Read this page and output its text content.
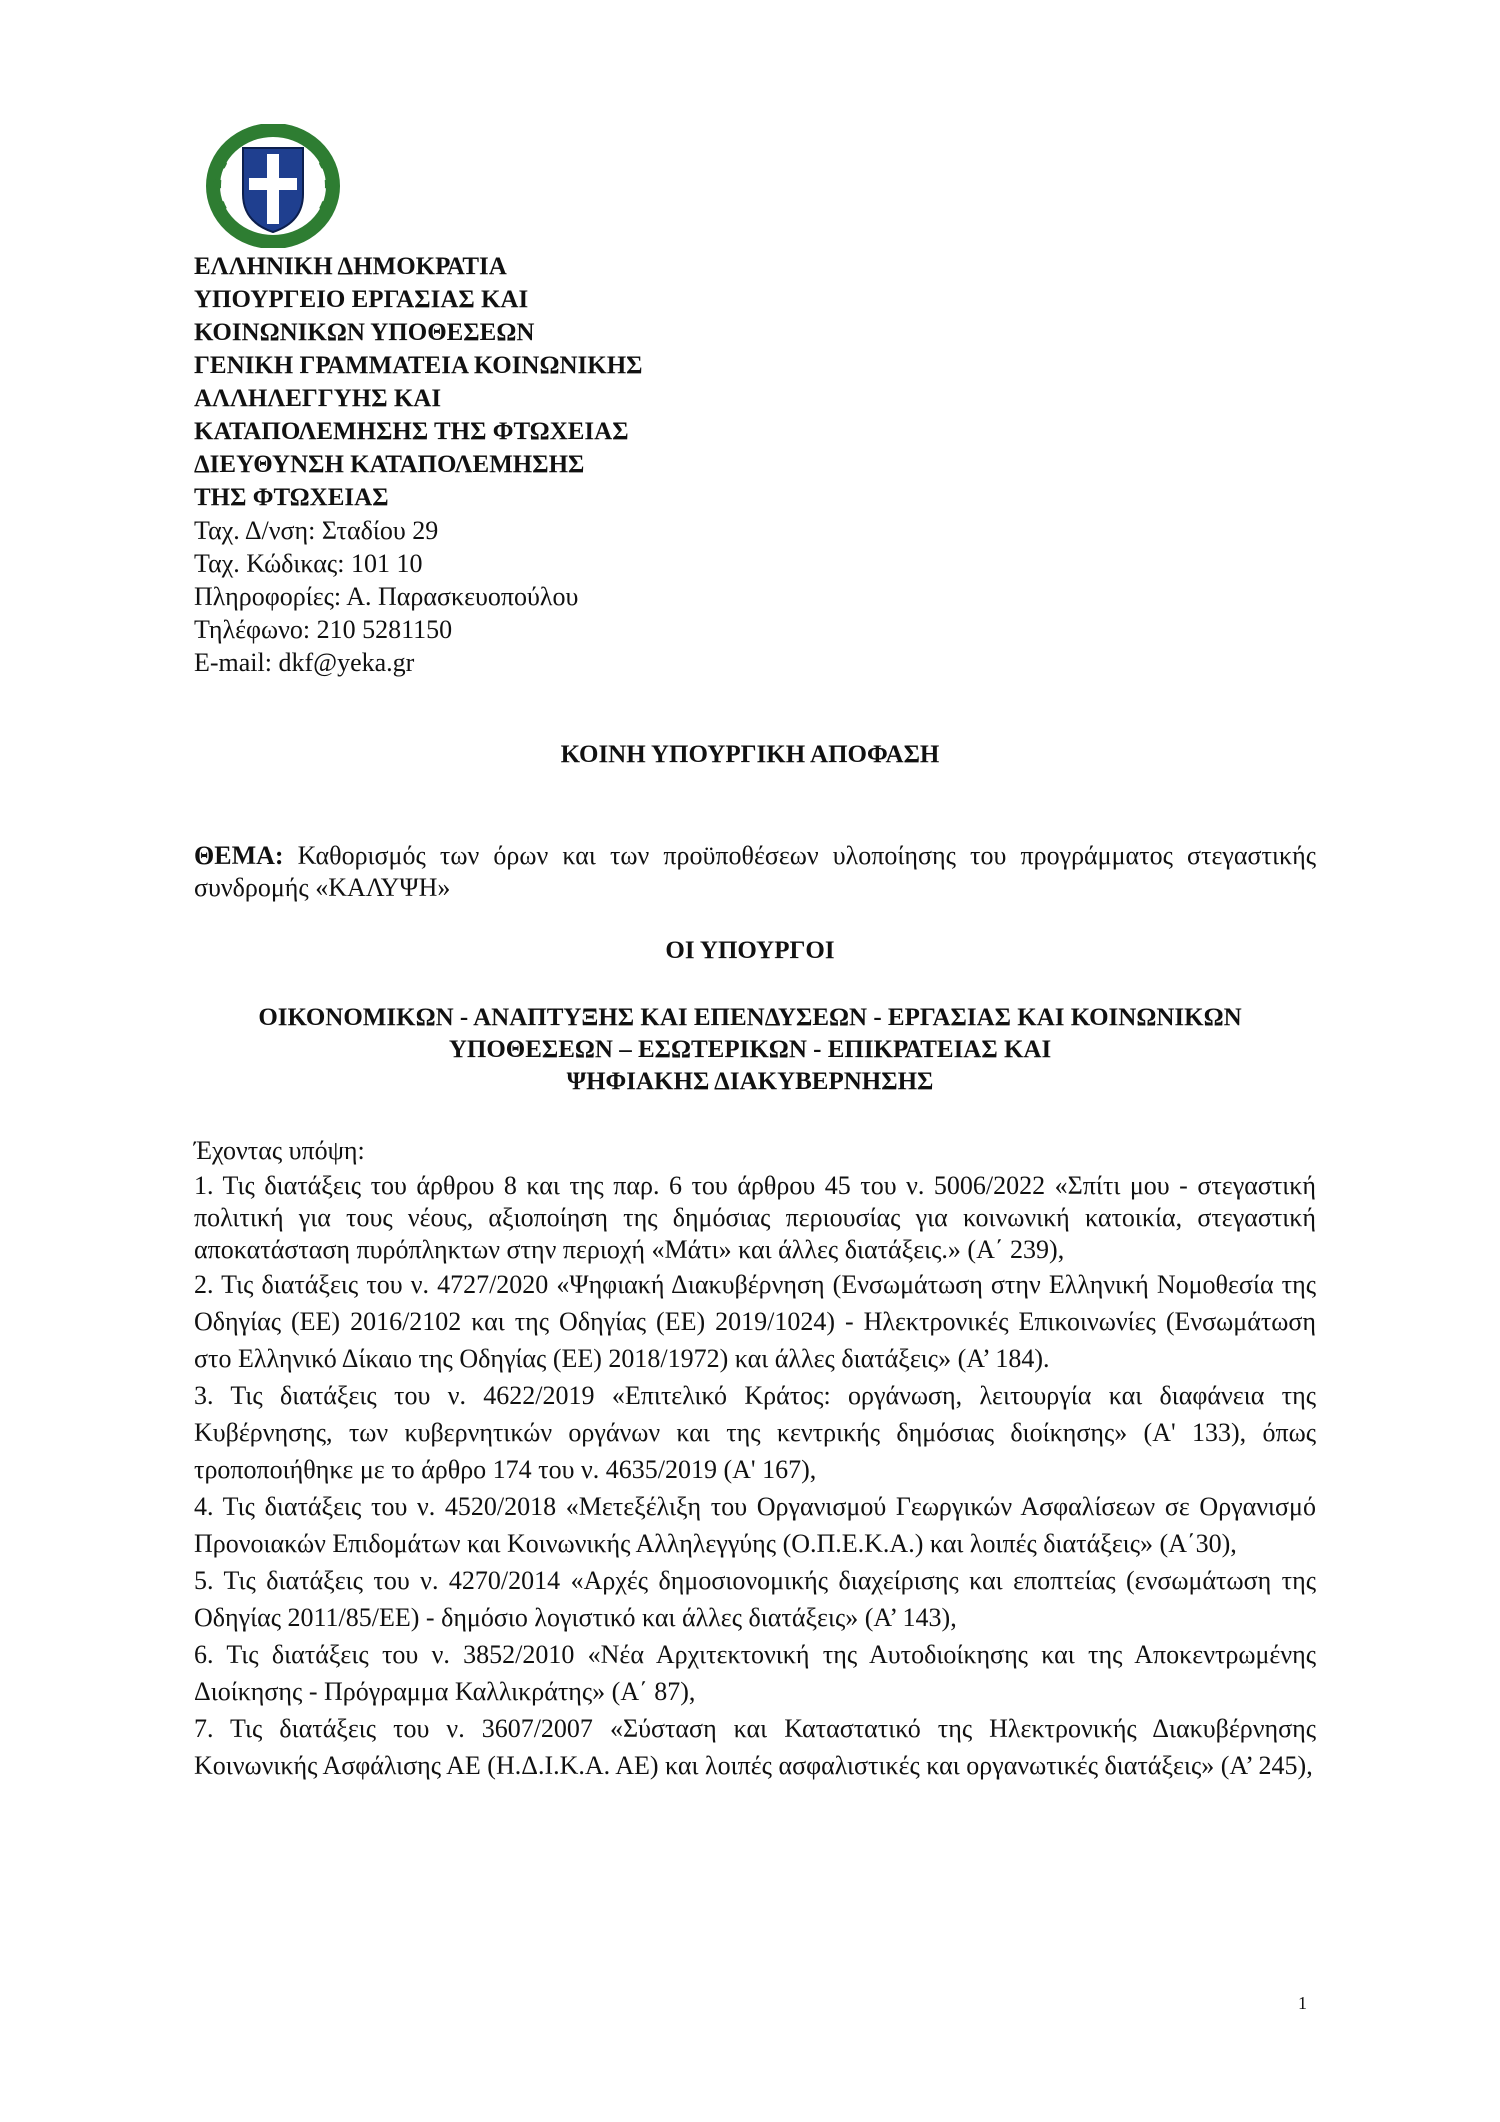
ΕΛΛΗΝΙΚΗ ΔΗΜΟΚΡΑΤΙΑ
ΥΠΟΥΡΓΕΙΟ ΕΡΓΑΣΙΑΣ ΚΑΙ
ΚΟΙΝΩΝΙΚΩΝ ΥΠΟΘΕΣΕΩΝ
ΓΕΝΙΚΗ ΓΡΑΜΜΑΤΕΙΑ ΚΟΙΝΩΝΙΚΗΣ
ΑΛΛΗΛΕΓΓΥΗΣ ΚΑΙ
ΚΑΤΑΠΟΛΕΜΗΣΗΣ ΤΗΣ ΦΤΩΧΕΙΑΣ
ΔΙΕΥΘΥΝΣΗ ΚΑΤΑΠΟΛΕΜΗΣΗΣ
ΤΗΣ ΦΤΩΧΕΙΑΣ
Ταχ. Δ/νση: Σταδίου 29
Ταχ. Κώδικας: 101 10
Πληροφορίες: Α. Παρασκευοπούλου
Τηλέφωνο: 210 5281150
E-mail: dkf@yeka.gr
ΚΟΙΝΗ ΥΠΟΥΡΓΙΚΗ ΑΠΟΦΑΣΗ
ΘΕΜΑ: Καθορισμός των όρων και των προϋποθέσεων υλοποίησης του προγράμματος στεγαστικής συνδρομής «ΚΑΛΥΨΗ»
ΟΙ ΥΠΟΥΡΓΟΙ
ΟΙΚΟΝΟΜΙΚΩΝ - ΑΝΑΠΤΥΞΗΣ ΚΑΙ ΕΠΕΝΔΥΣΕΩΝ - ΕΡΓΑΣΙΑΣ ΚΑΙ ΚΟΙΝΩΝΙΚΩΝ
ΥΠΟΘΕΣΕΩΝ – ΕΣΩΤΕΡΙΚΩΝ - ΕΠΙΚΡΑΤΕΙΑΣ ΚΑΙ
ΨΗΦΙΑΚΗΣ ΔΙΑΚΥΒΕΡΝΗΣΗΣ
Έχοντας υπόψη:

1. Τις διατάξεις του άρθρου 8 και της παρ. 6 του άρθρου 45 του ν. 5006/2022 «Σπίτι μου - στεγαστική πολιτική για τους νέους, αξιοποίηση της δημόσιας περιουσίας για κοινωνική κατοικία, στεγαστική αποκατάσταση πυρόπληκτων στην περιοχή «Μάτι» και άλλες διατάξεις.» (Α΄ 239),

2. Τις διατάξεις του ν. 4727/2020 «Ψηφιακή Διακυβέρνηση (Ενσωμάτωση στην Ελληνική Νομοθεσία της Οδηγίας (ΕΕ) 2016/2102 και της Οδηγίας (ΕΕ) 2019/1024) - Ηλεκτρονικές Επικοινωνίες (Ενσωμάτωση στο Ελληνικό Δίκαιο της Οδηγίας (ΕΕ) 2018/1972) και άλλες διατάξεις» (Α’ 184).

3. Τις διατάξεις του ν. 4622/2019 «Επιτελικό Κράτος: οργάνωση, λειτουργία και διαφάνεια της Κυβέρνησης, των κυβερνητικών οργάνων και της κεντρικής δημόσιας διοίκησης» (Α' 133), όπως τροποποιήθηκε με το άρθρο 174 του ν. 4635/2019 (Α' 167),

4. Τις διατάξεις του ν. 4520/2018 «Μετεξέλιξη του Οργανισμού Γεωργικών Ασφαλίσεων σε Οργανισμό Προνοιακών Επιδομάτων και Κοινωνικής Αλληλεγγύης (Ο.Π.Ε.Κ.Α.) και λοιπές διατάξεις» (Α΄30),

5. Τις διατάξεις του ν. 4270/2014 «Αρχές δημοσιονομικής διαχείρισης και εποπτείας (ενσωμάτωση της Οδηγίας 2011/85/ΕΕ) - δημόσιο λογιστικό και άλλες διατάξεις» (Α’ 143),

6. Τις διατάξεις του ν. 3852/2010 «Νέα Αρχιτεκτονική της Αυτοδιοίκησης και της Αποκεντρωμένης Διοίκησης - Πρόγραμμα Καλλικράτης» (Α΄ 87),

7. Τις διατάξεις του ν. 3607/2007 «Σύσταση και Καταστατικό της Ηλεκτρονικής Διακυβέρνησης Κοινωνικής Ασφάλισης ΑΕ (Η.Δ.Ι.Κ.Α. ΑΕ) και λοιπές ασφαλιστικές και οργανωτικές διατάξεις» (Α’ 245),

1
